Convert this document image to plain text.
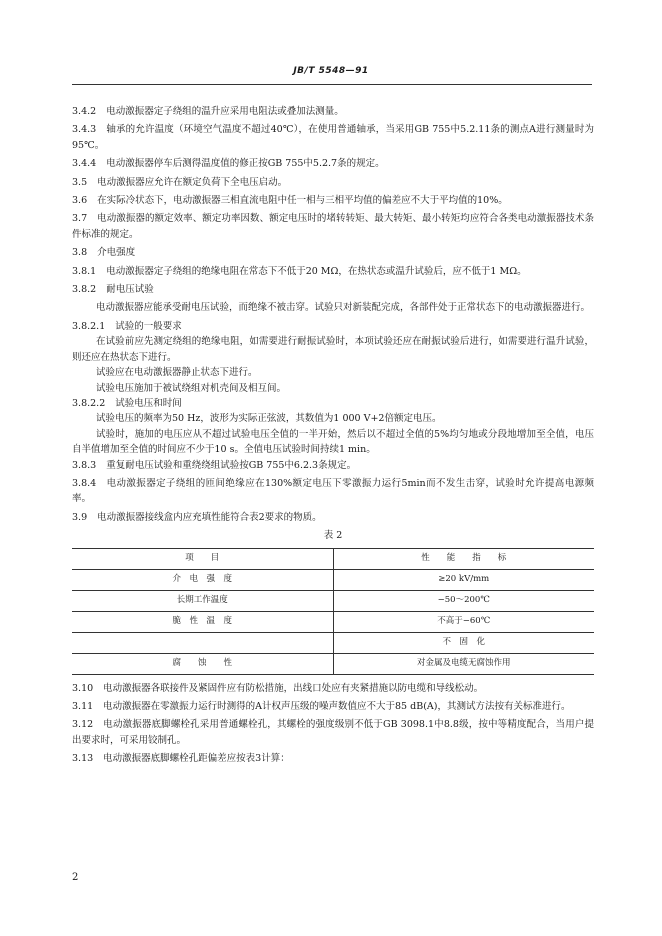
JB/T 5548—91

3.4.2 电动激振器定子绕组的温升应采用电阻法或叠加法测量。

3.4.3 轴承的允许温度（环境空气温度不超过40℃），在使用普通轴承，当采用GB 755中5.2.11条的测点A进行测量时为95℃。

3.4.4 电动激振器停车后测得温度值的修正按GB 755中5.2.7条的规定。

3.5 电动激振器应允许在额定负荷下全电压启动。

3.6 在实际冷状态下，电动激振器三相直流电阻中任一相与三相平均值的偏差应不大于平均值的10%。

3.7 电动激振器的额定效率、额定功率因数、额定电压时的堵转转矩、最大转矩、最小转矩均应符合各类电动激振器技术条件标准的规定。

3.8 介电强度

3.8.1 电动激振器定子绕组的绝缘电阻在常态下不低于20 MΩ，在热状态或温升试验后，应不低于1 MΩ。

3.8.2 耐电压试验

电动激振器应能承受耐电压试验，而绝缘不被击穿。试验只对新装配完成，各部件处于正常状态下的电动激振器进行。

3.8.2.1 试验的一般要求

在试验前应先测定绕组的绝缘电阻，如需要进行耐振试验时，本项试验还应在耐振试验后进行，如需要进行温升试验，则还应在热状态下进行。

试验应在电动激振器静止状态下进行。

试验电压施加于被试绕组对机壳间及相互间。

3.8.2.2 试验电压和时间

试验电压的频率为50 Hz，波形为实际正弦波，其数值为1 000 V+2倍额定电压。

试验时，施加的电压应从不超过试验电压全值的一半开始，然后以不超过全值的5%均匀地或分段地增加至全值，电压自半值增加至全值的时间应不少于10 s。全值电压试验时间持续1 min。

3.8.3 重复耐电压试验和重绕绕组试验按GB 755中6.2.3条规定。

3.8.4 电动激振器定子绕组的匝间绝缘应在130%额定电压下零激振力运行5min而不发生击穿，试验时允许提高电源频率。

3.9 电动激振器接线盒内应充填性能符合表2要求的物质。

表 2
项　　目	性　　能　　指　　标
介　电　强　度	≥20 kV/mm
长期工作温度	−50～200℃
脆　性　温　度	不高于−60℃
	不　固　化
腐　　蚀　　性	对金属及电缆无腐蚀作用

3.10 电动激振器各联接件及紧固件应有防松措施，出线口处应有夹紧措施以防电缆和导线松动。

3.11 电动激振器在零激振力运行时测得的A计权声压级的噪声数值应不大于85 dB(A)，其测试方法按有关标准进行。

3.12 电动激振器底脚螺栓孔采用普通螺栓孔，其螺栓的强度级别不低于GB 3098.1中8.8级，按中等精度配合，当用户提出要求时，可采用铰制孔。

3.13 电动激振器底脚螺栓孔距偏差应按表3计算：

2
